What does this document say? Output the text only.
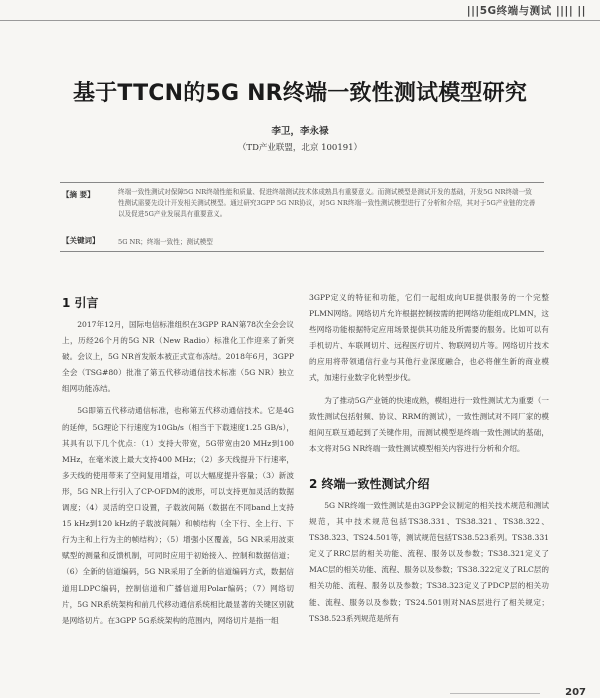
|||5G终端与测试 |||| ||
基于TTCN的5G NR终端一致性测试模型研究
李卫，李永禄
（TD产业联盟，北京 100191）
【摘 要】	终端一致性测试对保障5G NR终端性能和质量、促进终端测试技术体成熟具有重要意义。而测试模型是测试开发的基础，开发5G NR终端一致性测试需要先设计开发相关测试模型。通过研究3GPP 5G NR协议，对5G NR终端一致性测试模型进行了分析和介绍，其对于5G产业链的完善以及促进5G产业发展具有重要意义。
【关键词】	5G NR；终端一致性；测试模型
1 引言

2017年12月，国际电信标准组织在3GPP RAN第78次全会会议上，历经26个月的5G NR（New Radio）标准化工作迎来了新突破。会议上，5G NR首发版本被正式宣布冻结。2018年6月，3GPP全会（TSG#80）批准了第五代移动通信技术标准（5G NR）独立组网功能冻结。

5G即第五代移动通信标准，也称第五代移动通信技术。它是4G的延伸，5G理论下行速度为10Gb/s（相当于下载速度1.25 GB/s），其具有以下几个优点：（1）支持大带宽，5G带宽由20 MHz到100 MHz，在毫米波上最大支持400 MHz；（2）多天线提升下行速率，多天线的使用带来了空间复用增益，可以大幅度提升容量；（3）新波形，5G NR上行引入了CP-OFDM的波形，可以支持更加灵活的数据调度；（4）灵活的空口设置，子载波间隔（数据在不同band上支持15 kHz到120 kHz的子载波间隔）和帧结构（全下行、全上行、下行为主和上行为主的帧结构）；（5）增强小区覆盖，5G NR采用波束赋型的测量和反馈机制，可同时应用于初始接入、控制和数据信道；（6）全新的信道编码，5G NR采用了全新的信道编码方式，数据信道用LDPC编码，控制信道和广播信道用Polar编码；（7）网络切片，5G NR系统架构和前几代移动通信系统相比最显著的关键区别就是网络切片。在3GPP 5G系统架构的范围内，网络切片是指一组

3GPP定义的特征和功能，它们一起组成向UE提供服务的一个完整PLMN网络。网络切片允许根据控制按需的把网络功能组成PLMN，这些网络功能根据特定应用场景提供其功能及所需要的服务。比如可以有手机切片、车联网切片、远程医疗切片、物联网切片等。网络切片技术的应用将带领通信行业与其他行业深度融合，也必将催生新的商业模式，加速行业数字化转型步伐。

为了推动5G产业链的快速成熟，模组进行一致性测试尤为重要（一致性测试包括射频、协议、RRM的测试），一致性测试对不同厂家的模组间互联互通起到了关键作用，而测试模型是终端一致性测试的基础，本文将对5G NR终端一致性测试模型相关内容进行分析和介绍。

2 终端一致性测试介绍

5G NR终端一致性测试是由3GPP会议制定的相关技术规范和测试规范，其中技术规范包括TS38.331、TS38.321、TS38.322、TS38.323、TS24.501等，测试规范包括TS38.523系列。TS38.331定义了RRC层的相关功能、流程、服务以及参数；TS38.321定义了MAC层的相关功能、流程、服务以及参数；TS38.322定义了RLC层的相关功能、流程、服务以及参数；TS38.323定义了PDCP层的相关功能、流程、服务以及参数；TS24.501则对NAS层进行了相关规定；TS38.523系列规范是所有

207
